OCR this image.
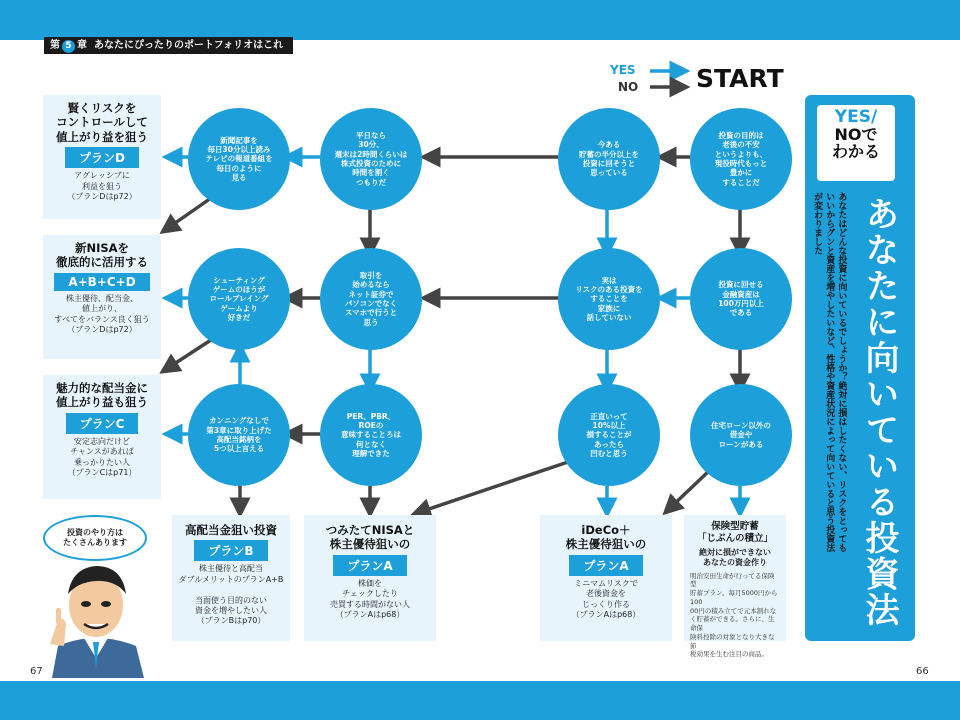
第 5 章 あなたにぴったりのポートフォリオはこれ
YES
NO START
投資の目的は
老後の不安
というよりも、
現役時代もっと
豊かに
することだ
今ある
貯蓄の半分以上を
投資に回そうと
思っている
平日なら
30分、
週末は2時間くらいは
株式投資のために
時間を割く
つもりだ
新聞記事を
毎日30分以上読み
テレビの報道番組を
毎日のように
見る
投資に回せる
金融資産は
100万円以上
である
実は
リスクのある投資を
することを
家族に
話していない
取引を
始めるなら
ネット証券で
パソコンでなく
スマホで行うと
思う
シューティング
ゲームのほうが
ロールプレイング
ゲームより
好きだ
住宅ローン以外の
借金や
ローンがある
正直いって
10%以上
損することが
あったら
凹むと思う
PER、PBR、
ROEの
意味することろは
何となく
理解できた
カンニングなしで
第3章に取り上げた
高配当銘柄を
5つ以上言える
賢くリスクを
コントロールして
値上がり益を狙う
プランD
アグレッシブに
利益を狙う
（プランDはp72）
新NISAを
徹底的に活用する
A+B+C+D
株主優待、配当金、
値上がり、
すべてをバランス良く狙う
（プランDはp72）
魅力的な配当金に
値上がり益も狙う
プランC
安定志向だけど
チャンスがあれば
乗っかりたい人
（プランCはp71）
高配当金狙い投資
プランB
株主優待と高配当
ダブルメリットのプランA+B

当面使う目的のない
資金を増やしたい人
（プランBはp70）
つみたてNISAと
株主優待狙いの
プランA
株価を
チェックしたり
売買する時間がない人
（プランAはp68）
iDeCo＋
株主優待狙いの
プランA
ミニマムリスクで
老後資金を
じっくり作る
（プランAはp68）
保険型貯蓄
「じぶんの積立」
絶対に損ができない
あなたの資金作り
明治安田生命が行ってる保険型
貯蓄プラン。毎月5000円から100
00円の積み立てで元本割れな
く貯蓄ができる。さらに、生命保
険料控除の対象となり大きな節
税効果を生む注目の商品。
投資のやり方は
たくさんあります
YES/
NOで
わかる
あなたに向いている投資法
あなたはどんな投資に向いているでしょうか？絶対に損はしたくない、リスクをとってもいいからグンと資産を増やしたいなど、性格や資産状況によって向いていると思う投資法が変わりました
67	66
